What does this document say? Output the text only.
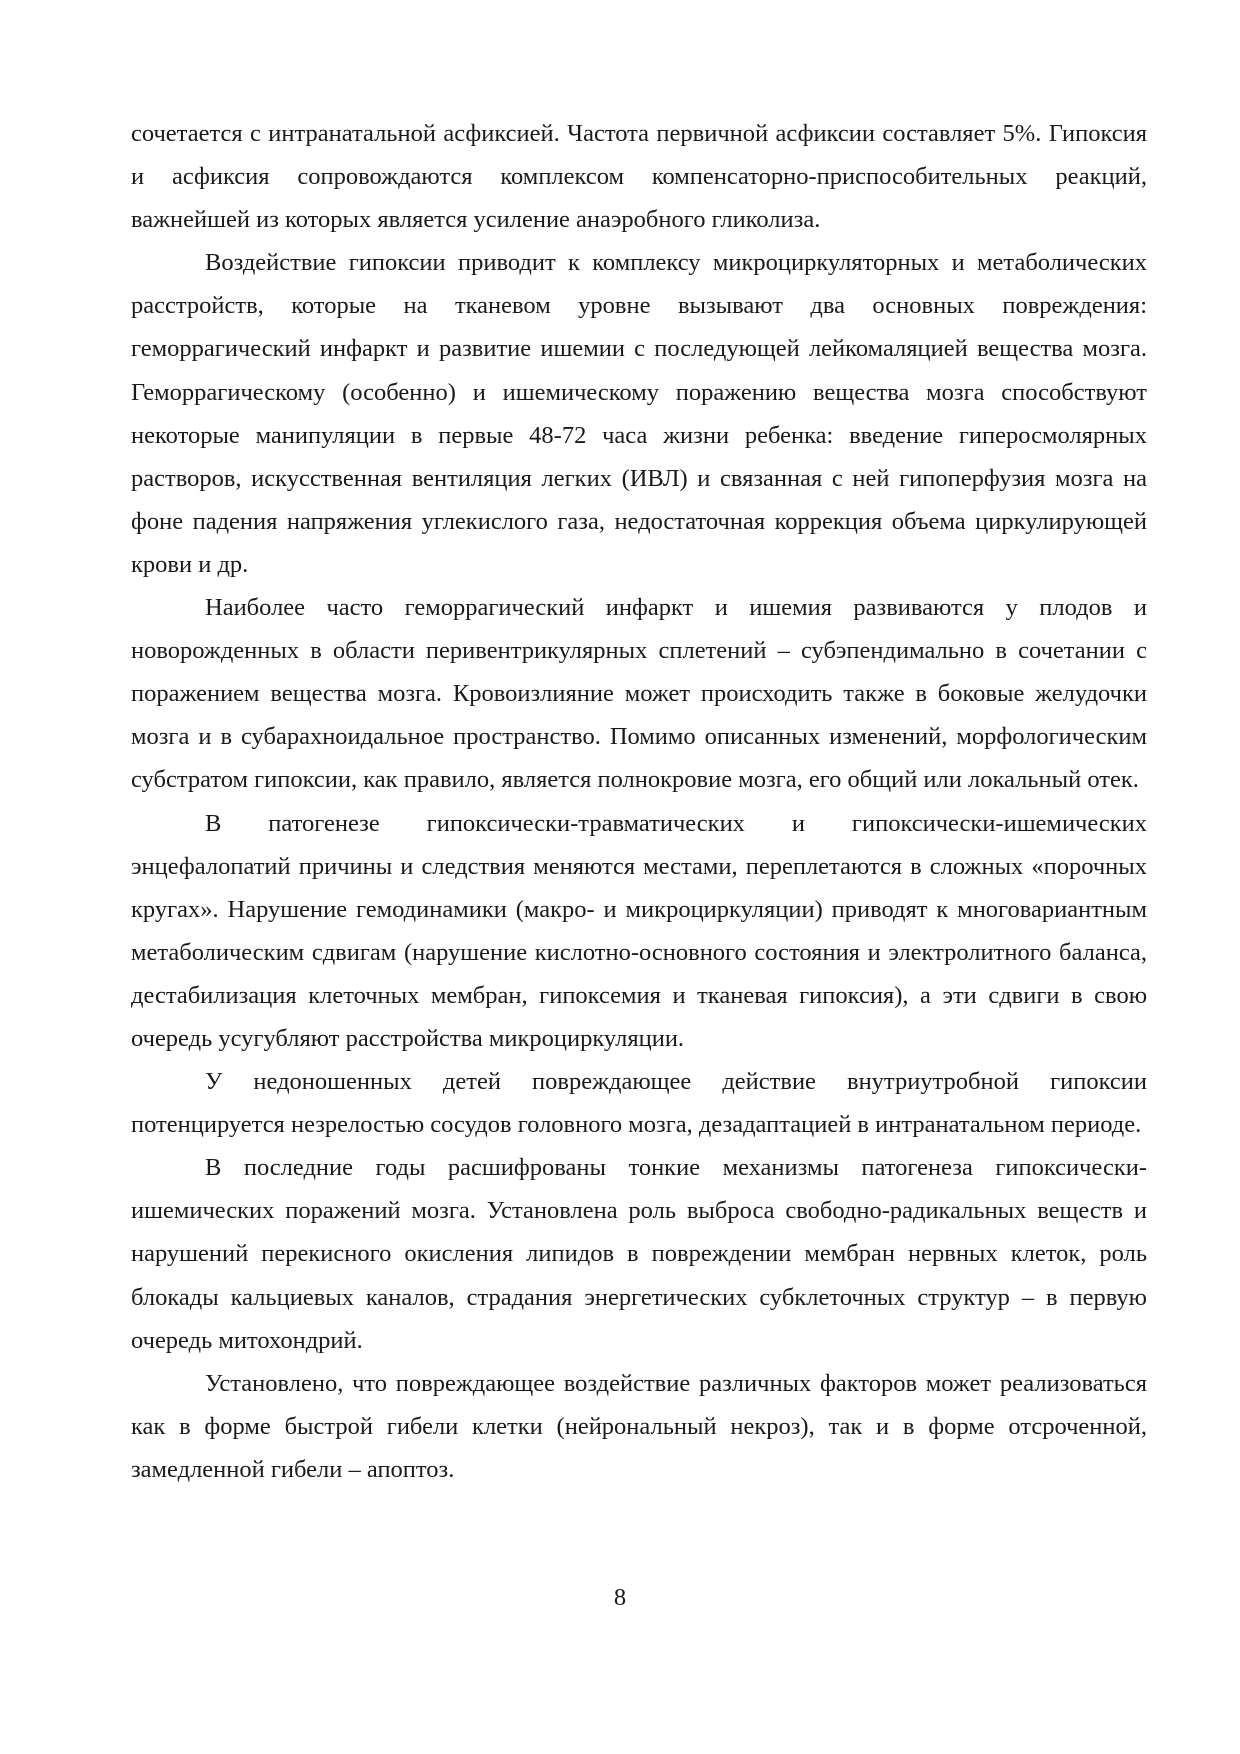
сочетается с интранатальной асфиксией. Частота первичной асфиксии составляет 5%. Гипоксия и асфиксия сопровождаются комплексом компенсаторно-приспособительных реакций, важнейшей из которых является усиление анаэробного гликолиза.

Воздействие гипоксии приводит к комплексу микроциркуляторных и метаболических расстройств, которые на тканевом уровне вызывают два основных повреждения: геморрагический инфаркт и развитие ишемии с последующей лейкомаляцией вещества мозга. Геморрагическому (особенно) и ишемическому поражению вещества мозга способствуют некоторые манипуляции в первые 48-72 часа жизни ребенка: введение гиперосмолярных растворов, искусственная вентиляция легких (ИВЛ) и связанная с ней гипоперфузия мозга на фоне падения напряжения углекислого газа, недостаточная коррекция объема циркулирующей крови и др.

Наиболее часто геморрагический инфаркт и ишемия развиваются у плодов и новорожденных в области перивентрикулярных сплетений – субэпендимально в сочетании с поражением вещества мозга. Кровоизлияние может происходить также в боковые желудочки мозга и в субарахноидальное пространство. Помимо описанных изменений, морфологическим субстратом гипоксии, как правило, является полнокровие мозга, его общий или локальный отек.

В патогенезе гипоксически-травматических и гипоксически-ишемических энцефалопатий причины и следствия меняются местами, переплетаются в сложных «порочных кругах». Нарушение гемодинамики (макро- и микроциркуляции) приводят к многовариантным метаболическим сдвигам (нарушение кислотно-основного состояния и электролитного баланса, дестабилизация клеточных мембран, гипоксемия и тканевая гипоксия), а эти сдвиги в свою очередь усугубляют расстройства микроциркуляции.

У недоношенных детей повреждающее действие внутриутробной гипоксии потенцируется незрелостью сосудов головного мозга, дезадаптацией в интранатальном периоде.

В последние годы расшифрованы тонкие механизмы патогенеза гипоксически-ишемических поражений мозга. Установлена роль выброса свободно-радикальных веществ и нарушений перекисного окисления липидов в повреждении мембран нервных клеток, роль блокады кальциевых каналов, страдания энергетических субклеточных структур – в первую очередь митохондрий.

Установлено, что повреждающее воздействие различных факторов может реализоваться как в форме быстрой гибели клетки (нейрональный некроз), так и в форме отсроченной, замедленной гибели – апоптоз.

8
